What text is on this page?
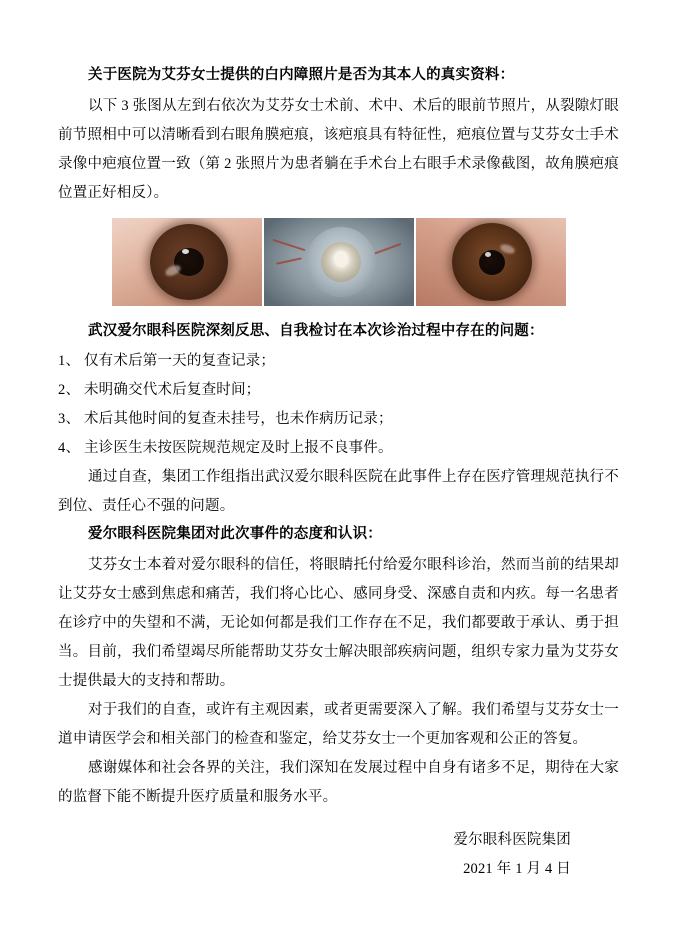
关于医院为艾芬女士提供的白内障照片是否为其本人的真实资料：

以下 3 张图从左到右依次为艾芬女士术前、术中、术后的眼前节照片，从裂隙灯眼前节照相中可以清晰看到右眼角膜疤痕，该疤痕具有特征性，疤痕位置与艾芬女士手术录像中疤痕位置一致（第 2 张照片为患者躺在手术台上右眼手术录像截图，故角膜疤痕位置正好相反）。

武汉爱尔眼科医院深刻反思、自我检讨在本次诊治过程中存在的问题：

1、 仅有术后第一天的复查记录；

2、 未明确交代术后复查时间；

3、 术后其他时间的复查未挂号，也未作病历记录；

4、 主诊医生未按医院规范规定及时上报不良事件。

通过自查，集团工作组指出武汉爱尔眼科医院在此事件上存在医疗管理规范执行不到位、责任心不强的问题。

爱尔眼科医院集团对此次事件的态度和认识：

艾芬女士本着对爱尔眼科的信任，将眼睛托付给爱尔眼科诊治，然而当前的结果却让艾芬女士感到焦虑和痛苦，我们将心比心、感同身受、深感自责和内疚。每一名患者在诊疗中的失望和不满，无论如何都是我们工作存在不足，我们都要敢于承认、勇于担当。目前，我们希望竭尽所能帮助艾芬女士解决眼部疾病问题，组织专家力量为艾芬女士提供最大的支持和帮助。

对于我们的自查，或许有主观因素，或者更需要深入了解。我们希望与艾芬女士一道申请医学会和相关部门的检查和鉴定，给艾芬女士一个更加客观和公正的答复。

感谢媒体和社会各界的关注，我们深知在发展过程中自身有诸多不足，期待在大家的监督下能不断提升医疗质量和服务水平。

爱尔眼科医院集团
2021 年 1 月 4 日
